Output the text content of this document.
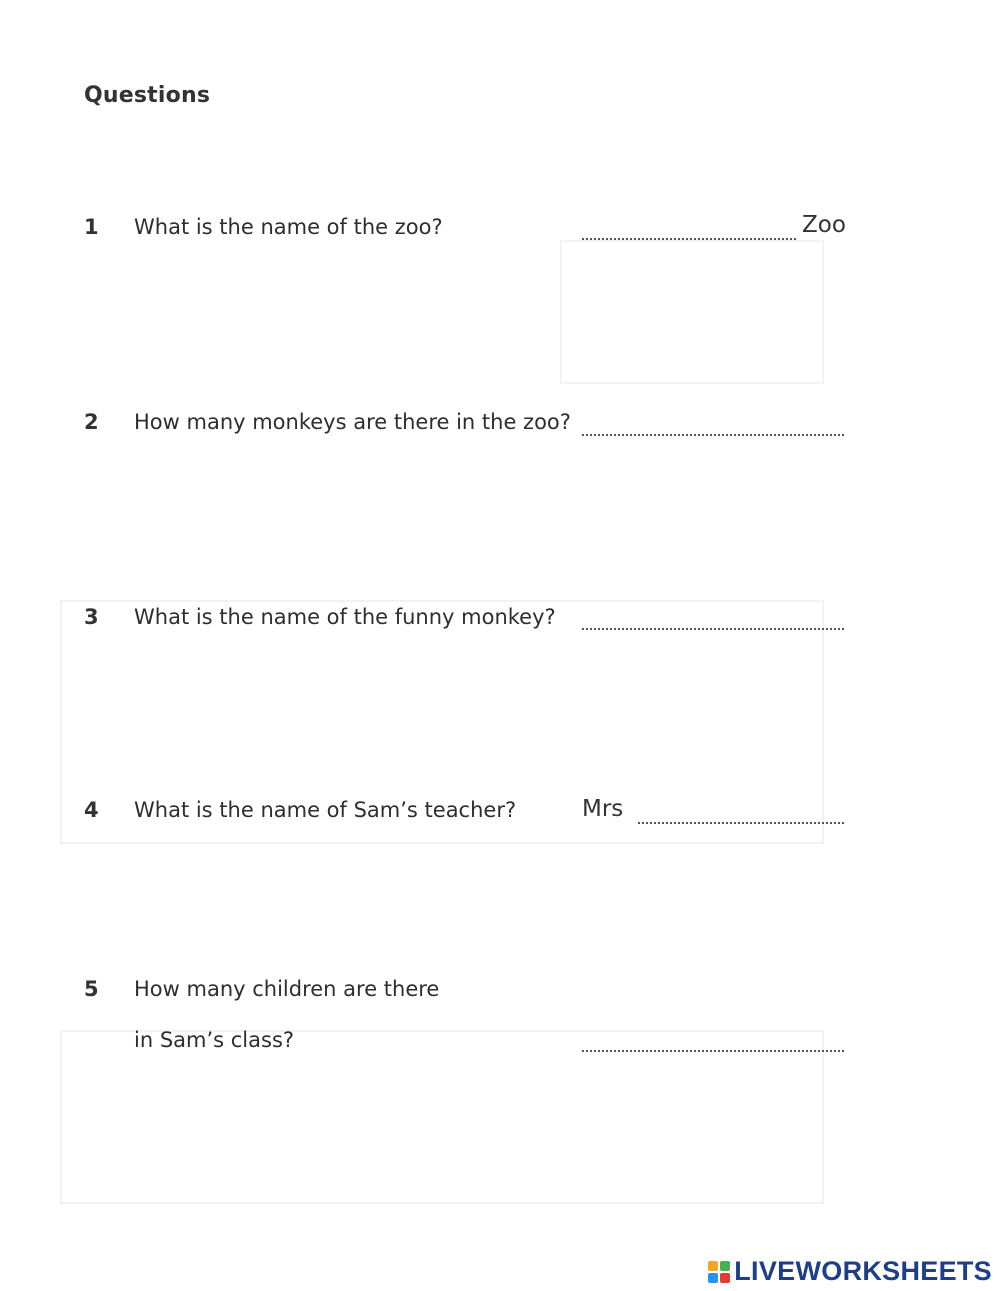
Questions
1 What is the name of the zoo?	Zoo
2 How many monkeys are there in the zoo?
3 What is the name of the funny monkey?
4 What is the name of Sam’s teacher?	Mrs
5 How many children are there
in Sam’s class?
LIVEWORKSHEETS
